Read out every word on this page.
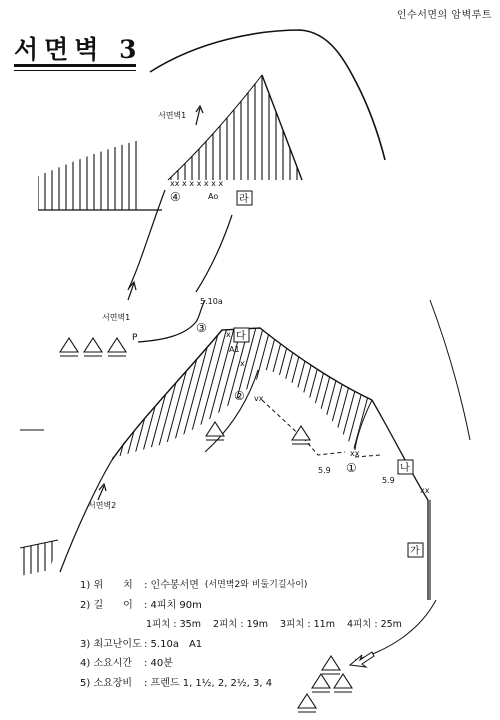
인수서면의 암벽루트
서면벽 3
서면벽1
서면벽1
서면벽2
5.10a
5.9
5.9
Ao
A1
P
xx x x x x x x
x
x
vx
xx
xx
④
③
②
①
라
다
나
가
1) 위　　치	: 인수봉서면 (서면벽2와 비둘기길사이)
2) 길　　이	: 4피치 90m
1피치 : 35m 2피치 : 19m 3피치 : 11m 4피치 : 25m
3) 최고난이도 : 5.10a　A1
4) 소요시간	: 40분
5) 소요장비	: 프렌드 1, 1½, 2, 2½, 3, 4
